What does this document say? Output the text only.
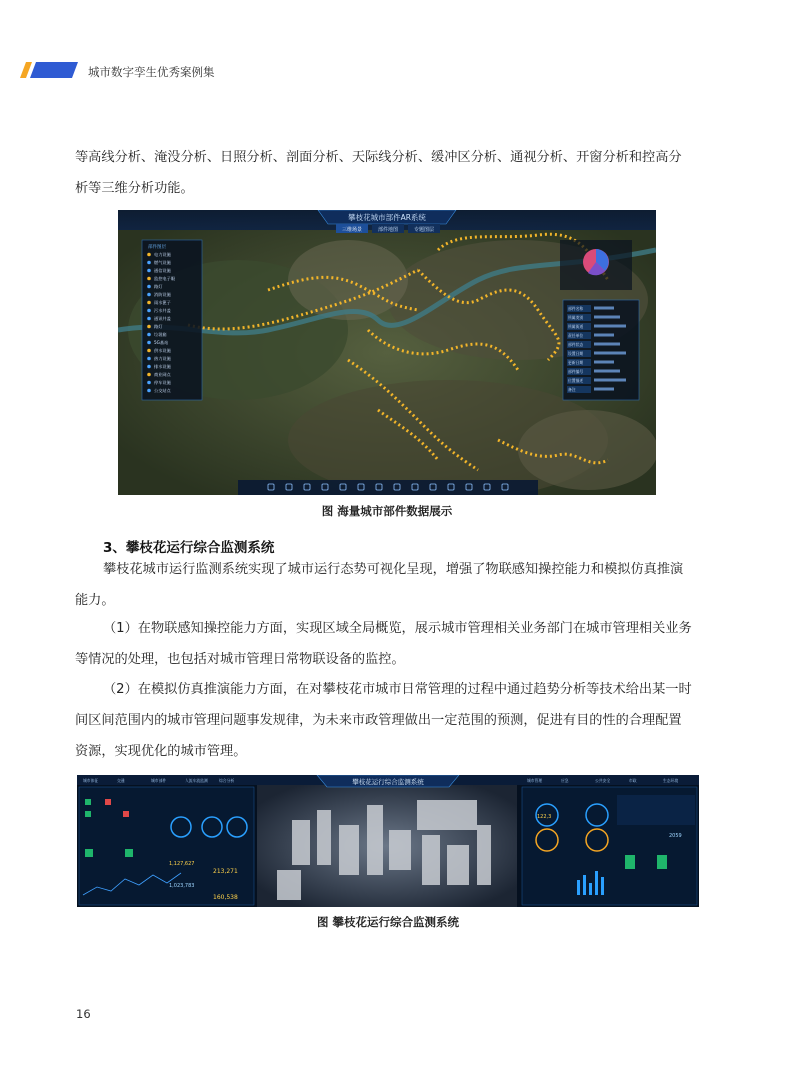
城市数字孪生优秀案例集
等高线分析、淹没分析、日照分析、剖面分析、天际线分析、缓冲区分析、通视分析、开窗分析和控高分
析等三维分析功能。
攀枝花城市部件AR系统
三维场景	部件地图	专题图层
部件图层
电力设施
燃气设施
通信设施
监控电子眼
路灯
消防设施
雨水篦子
污水井盖
通讯井盖
路灯
垃圾箱
5G基站
供水设施
热力设施
排水设施
商业网点
停车设施
公交站点
部件名称
所属类别
所属街道
责任单位
部件状态
设置日期
更新日期
部件编号
位置描述
备注
图 海量城市部件数据展示
3、攀枝花运行综合监测系统
攀枝花城市运行监测系统实现了城市运行态势可视化呈现，增强了物联感知操控能力和模拟仿真推演
能力。
（1）在物联感知操控能力方面，实现区域全局概览，展示城市管理相关业务部门在城市管理相关业务
等情况的处理，也包括对城市管理日常物联设备的监控。
（2）在模拟仿真推演能力方面，在对攀枝花市城市日常管理的过程中通过趋势分析等技术给出某一时
间区间范围内的城市管理问题事发规律，为未来市政管理做出一定范围的预测，促进有目的性的合理配置
资源，实现优化的城市管理。
攀枝花运行综合监测系统
城市体征	交通	城市部件	人流车流监测	综合分析	城市管理	应急	公共安全	市政	生态环境
1,127,627
213,271
1,023,783
160,538
122,3
2059
图 攀枝花运行综合监测系统
16
